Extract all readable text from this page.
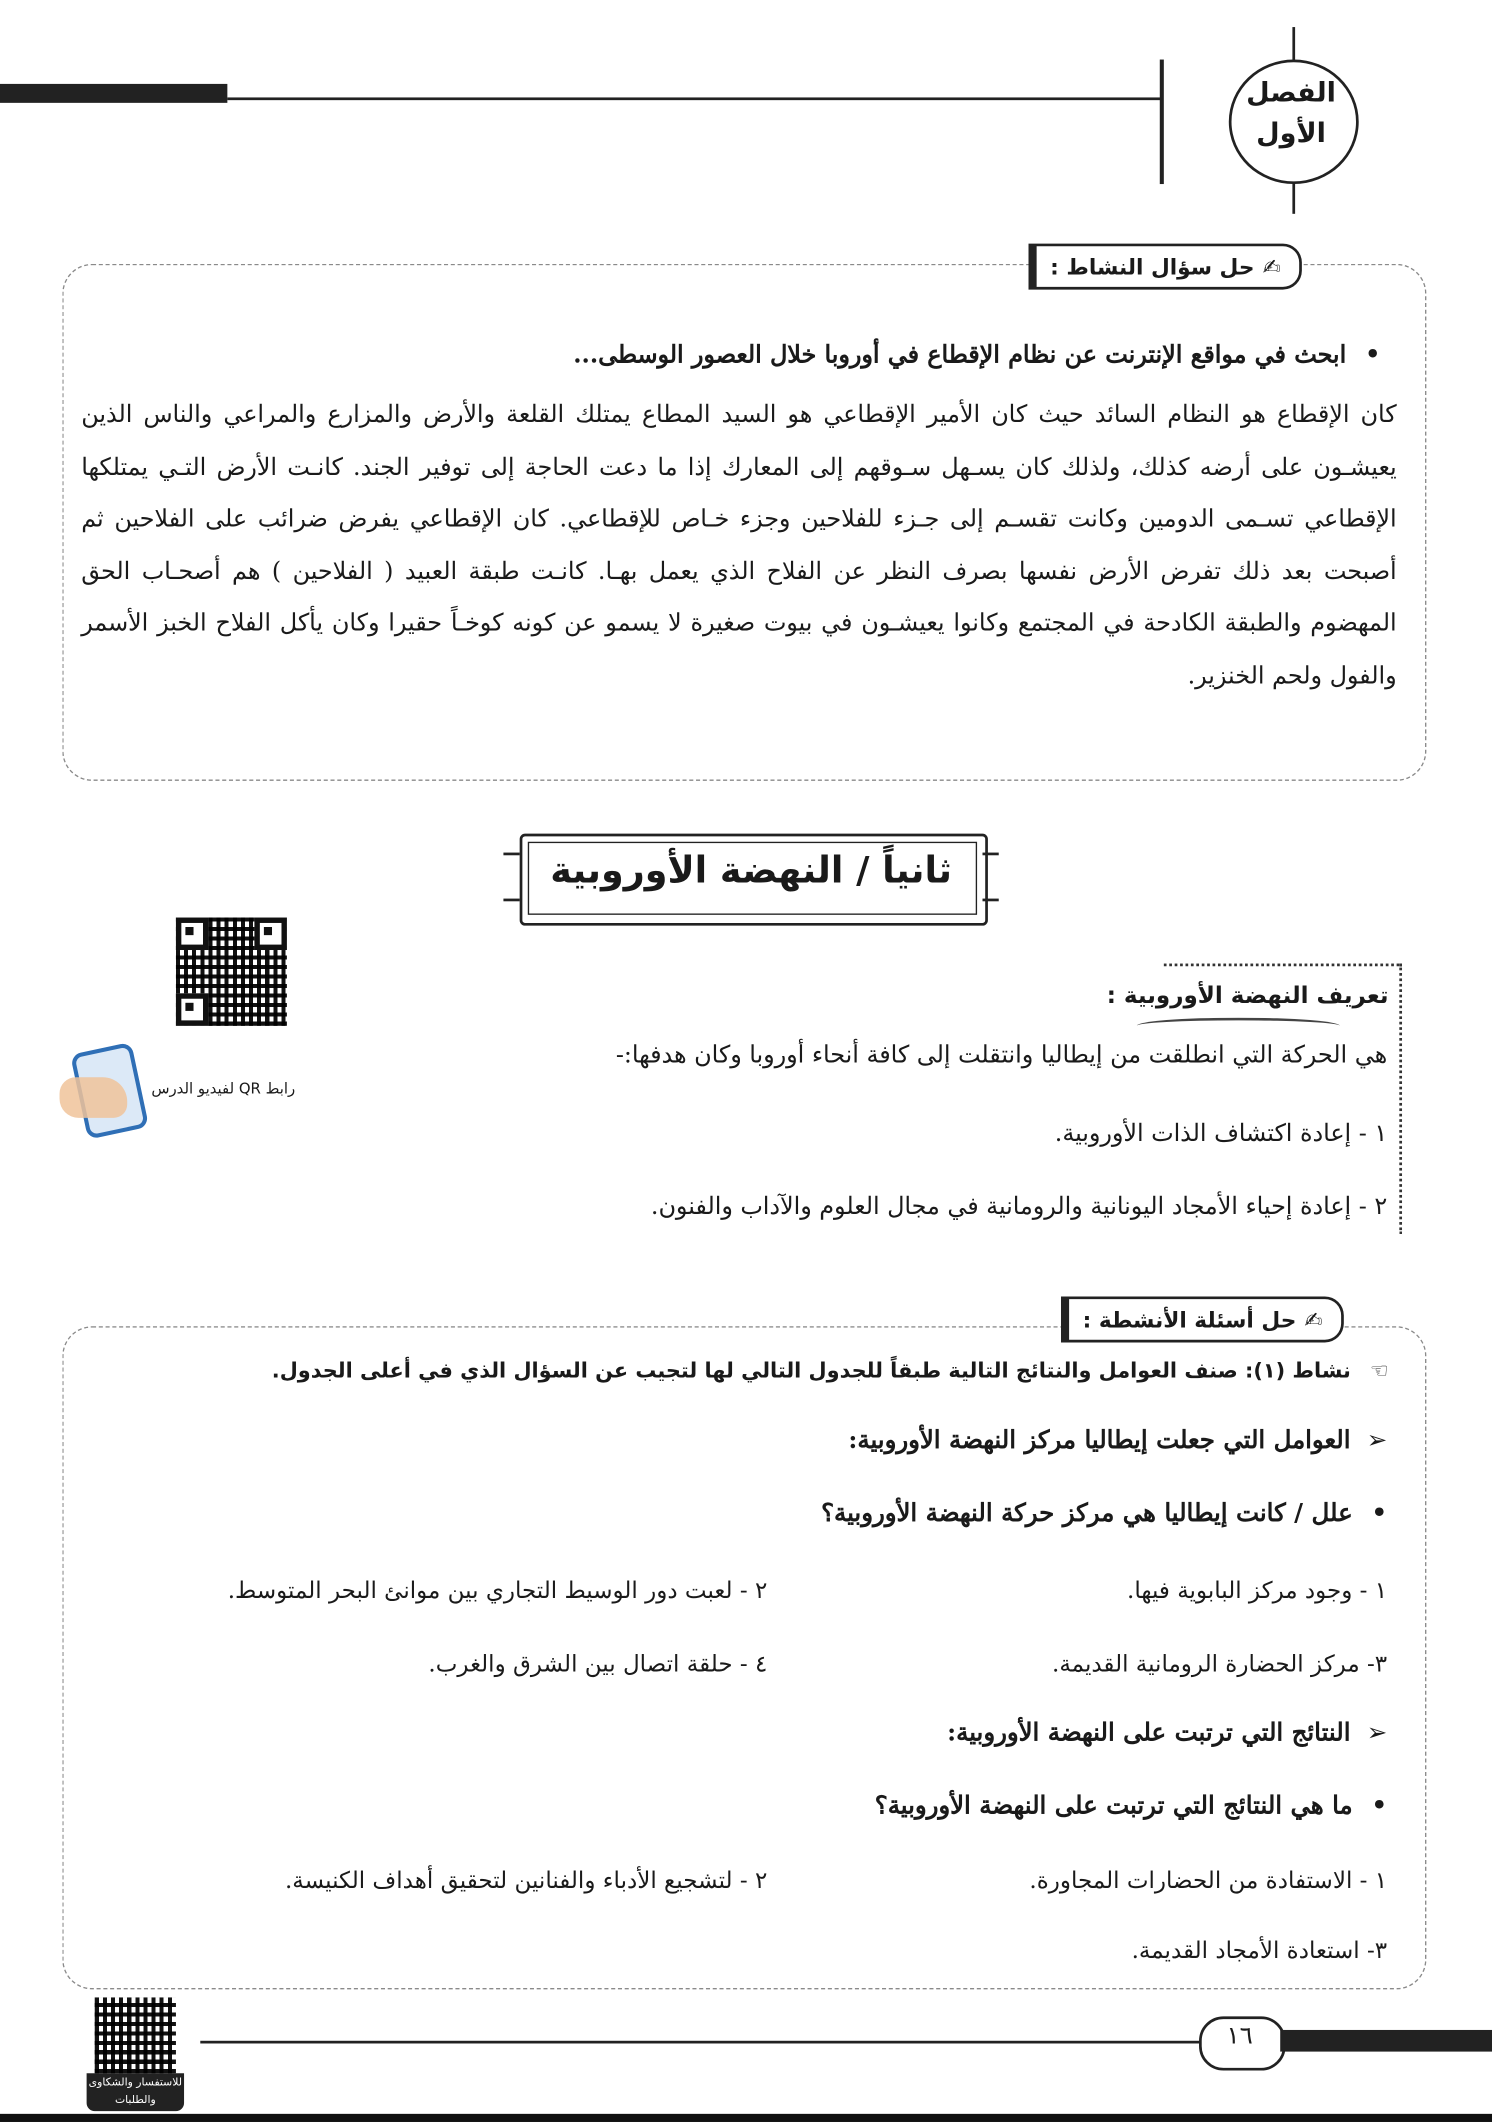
الفصل
الأول
✍
حل سؤال النشاط :
•ابحث في مواقع الإنترنت عن نظام الإقطاع في أوروبا خلال العصور الوسطى...
كان الإقطاع هو النظام السائد حيث كان الأمير الإقطاعي هو السيد المطاع يمتلك القلعة والأرض والمزارع والمراعي والناس الذين يعيشـون على أرضه كذلك، ولذلك كان يسـهل سـوقهم إلى المعارك إذا ما دعت الحاجة إلى توفير الجند. كانـت الأرض التـي يمتلكها الإقطاعي تسـمى الدومين وكانت تقسـم إلى جـزء للفلاحين وجزء خـاص للإقطاعي. كان الإقطاعي يفرض ضرائب على الفلاحين ثم أصبحت بعد ذلك تفرض الأرض نفسها بصرف النظر عن الفلاح الذي يعمل بهـا. كانـت طبقة العبيد ( الفلاحين ) هم أصحـاب الحق المهضوم والطبقة الكادحة في المجتمع وكانوا يعيشـون في بيوت صغيرة لا يسمو عن كونه كوخـاً حقيرا وكان يأكل الفلاح الخبز الأسمر والفول ولحم الخنزير.
ثانياً / النهضة الأوروبية
رابط QR لفيديو الدرس
تعريف النهضة الأوروبية :
هي الحركة التي انطلقت من إيطاليا وانتقلت إلى كافة أنحاء أوروبا وكان هدفها:-
١ - إعادة اكتشاف الذات الأوروبية.
٢ - إعادة إحياء الأمجاد اليونانية والرومانية في مجال العلوم والآداب والفنون.
✍
حل أسئلة الأنشطة :
☜نشاط (١): صنف العوامل والنتائج التالية طبقاً للجدول التالي لها لتجيب عن السؤال الذي في أعلى الجدول.
➢العوامل التي جعلت إيطاليا مركز النهضة الأوروبية:
•علل / كانت إيطاليا هي مركز حركة النهضة الأوروبية؟
١ - وجود مركز البابوية فيها.
٢ - لعبت دور الوسيط التجاري بين موانئ البحر المتوسط.
٣- مركز الحضارة الرومانية القديمة.
٤ - حلقة اتصال بين الشرق والغرب.
➢النتائج التي ترتبت على النهضة الأوروبية:
•ما هي النتائج التي ترتبت على النهضة الأوروبية؟
١ - الاستفادة من الحضارات المجاورة.
٢ - لتشجيع الأدباء والفنانين لتحقيق أهداف الكنيسة.
٣- استعادة الأمجاد القديمة.
للاستفسار والشكاوى
والطلبات
١٦
